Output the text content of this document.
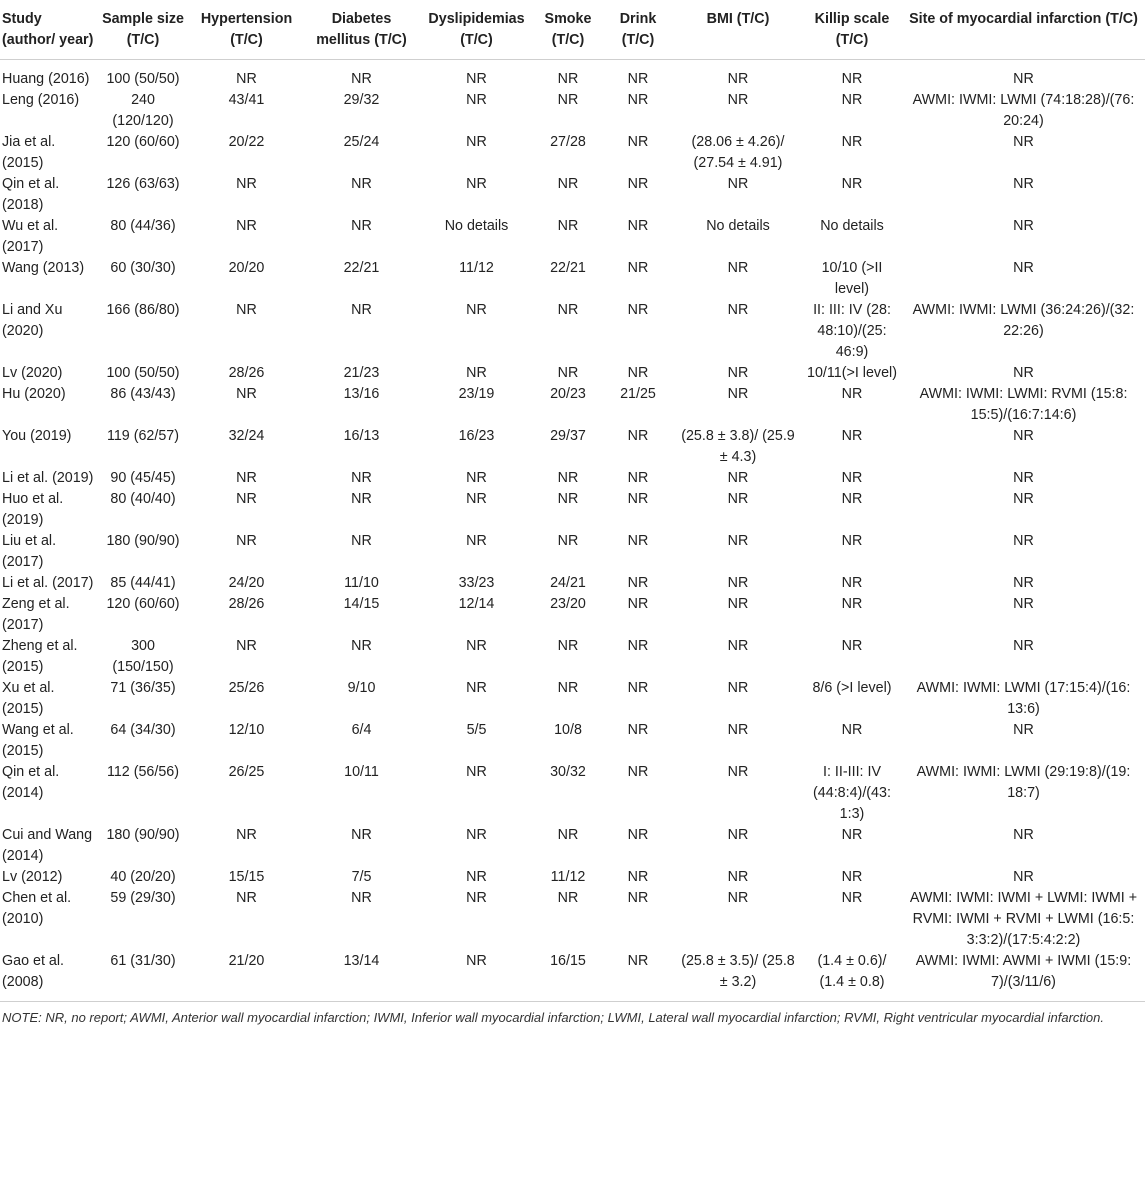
Study (author/ year)	Sample size (T/C)	Hypertension (T/C)	Diabetes mellitus (T/C)	Dyslipidemias (T/C)	Smoke (T/C)	Drink (T/C)	BMI (T/C)	Killip scale (T/C)	Site of myocardial infarction (T/C)
Huang (2016)	100 (50/50)	NR	NR	NR	NR	NR	NR	NR	NR
Leng (2016)	240 (120/120)	43/41	29/32	NR	NR	NR	NR	NR	AWMI: IWMI: LWMI (74:18:28)/(76: 20:24)
Jia et al. (2015)	120 (60/60)	20/22	25/24	NR	27/28	NR	(28.06 ± 4.26)/ (27.54 ± 4.91)	NR	NR
Qin et al. (2018)	126 (63/63)	NR	NR	NR	NR	NR	NR	NR	NR
Wu et al. (2017)	80 (44/36)	NR	NR	No details	NR	NR	No details	No details	NR
Wang (2013)	60 (30/30)	20/20	22/21	11/12	22/21	NR	NR	10/10 (>II level)	NR
Li and Xu (2020)	166 (86/80)	NR	NR	NR	NR	NR	NR	II: III: IV (28: 48:10)/(25: 46:9)	AWMI: IWMI: LWMI (36:24:26)/(32: 22:26)
Lv (2020)	100 (50/50)	28/26	21/23	NR	NR	NR	NR	10/11(>I level)	NR
Hu (2020)	86 (43/43)	NR	13/16	23/19	20/23	21/25	NR	NR	AWMI: IWMI: LWMI: RVMI (15:8: 15:5)/(16:7:14:6)
You (2019)	119 (62/57)	32/24	16/13	16/23	29/37	NR	(25.8 ± 3.8)/ (25.9 ± 4.3)	NR	NR
Li et al. (2019)	90 (45/45)	NR	NR	NR	NR	NR	NR	NR	NR
Huo et al. (2019)	80 (40/40)	NR	NR	NR	NR	NR	NR	NR	NR
Liu et al. (2017)	180 (90/90)	NR	NR	NR	NR	NR	NR	NR	NR
Li et al. (2017)	85 (44/41)	24/20	11/10	33/23	24/21	NR	NR	NR	NR
Zeng et al. (2017)	120 (60/60)	28/26	14/15	12/14	23/20	NR	NR	NR	NR
Zheng et al. (2015)	300 (150/150)	NR	NR	NR	NR	NR	NR	NR	NR
Xu et al. (2015)	71 (36/35)	25/26	9/10	NR	NR	NR	NR	8/6 (>I level)	AWMI: IWMI: LWMI (17:15:4)/(16: 13:6)
Wang et al. (2015)	64 (34/30)	12/10	6/4	5/5	10/8	NR	NR	NR	NR
Qin et al. (2014)	112 (56/56)	26/25	10/11	NR	30/32	NR	NR	I: II-III: IV (44:8:4)/(43: 1:3)	AWMI: IWMI: LWMI (29:19:8)/(19: 18:7)
Cui and Wang (2014)	180 (90/90)	NR	NR	NR	NR	NR	NR	NR	NR
Lv (2012)	40 (20/20)	15/15	7/5	NR	11/12	NR	NR	NR	NR
Chen et al. (2010)	59 (29/30)	NR	NR	NR	NR	NR	NR	NR	AWMI: IWMI: IWMI + LWMI: IWMI + RVMI: IWMI + RVMI + LWMI (16:5: 3:3:2)/(17:5:4:2:2)
Gao et al. (2008)	61 (31/30)	21/20	13/14	NR	16/15	NR	(25.8 ± 3.5)/ (25.8 ± 3.2)	(1.4 ± 0.6)/ (1.4 ± 0.8)	AWMI: IWMI: AWMI + IWMI (15:9: 7)/(3/11/6)
NOTE: NR, no report; AWMI, Anterior wall myocardial infarction; IWMI, Inferior wall myocardial infarction; LWMI, Lateral wall myocardial infarction; RVMI, Right ventricular myocardial infarction.
